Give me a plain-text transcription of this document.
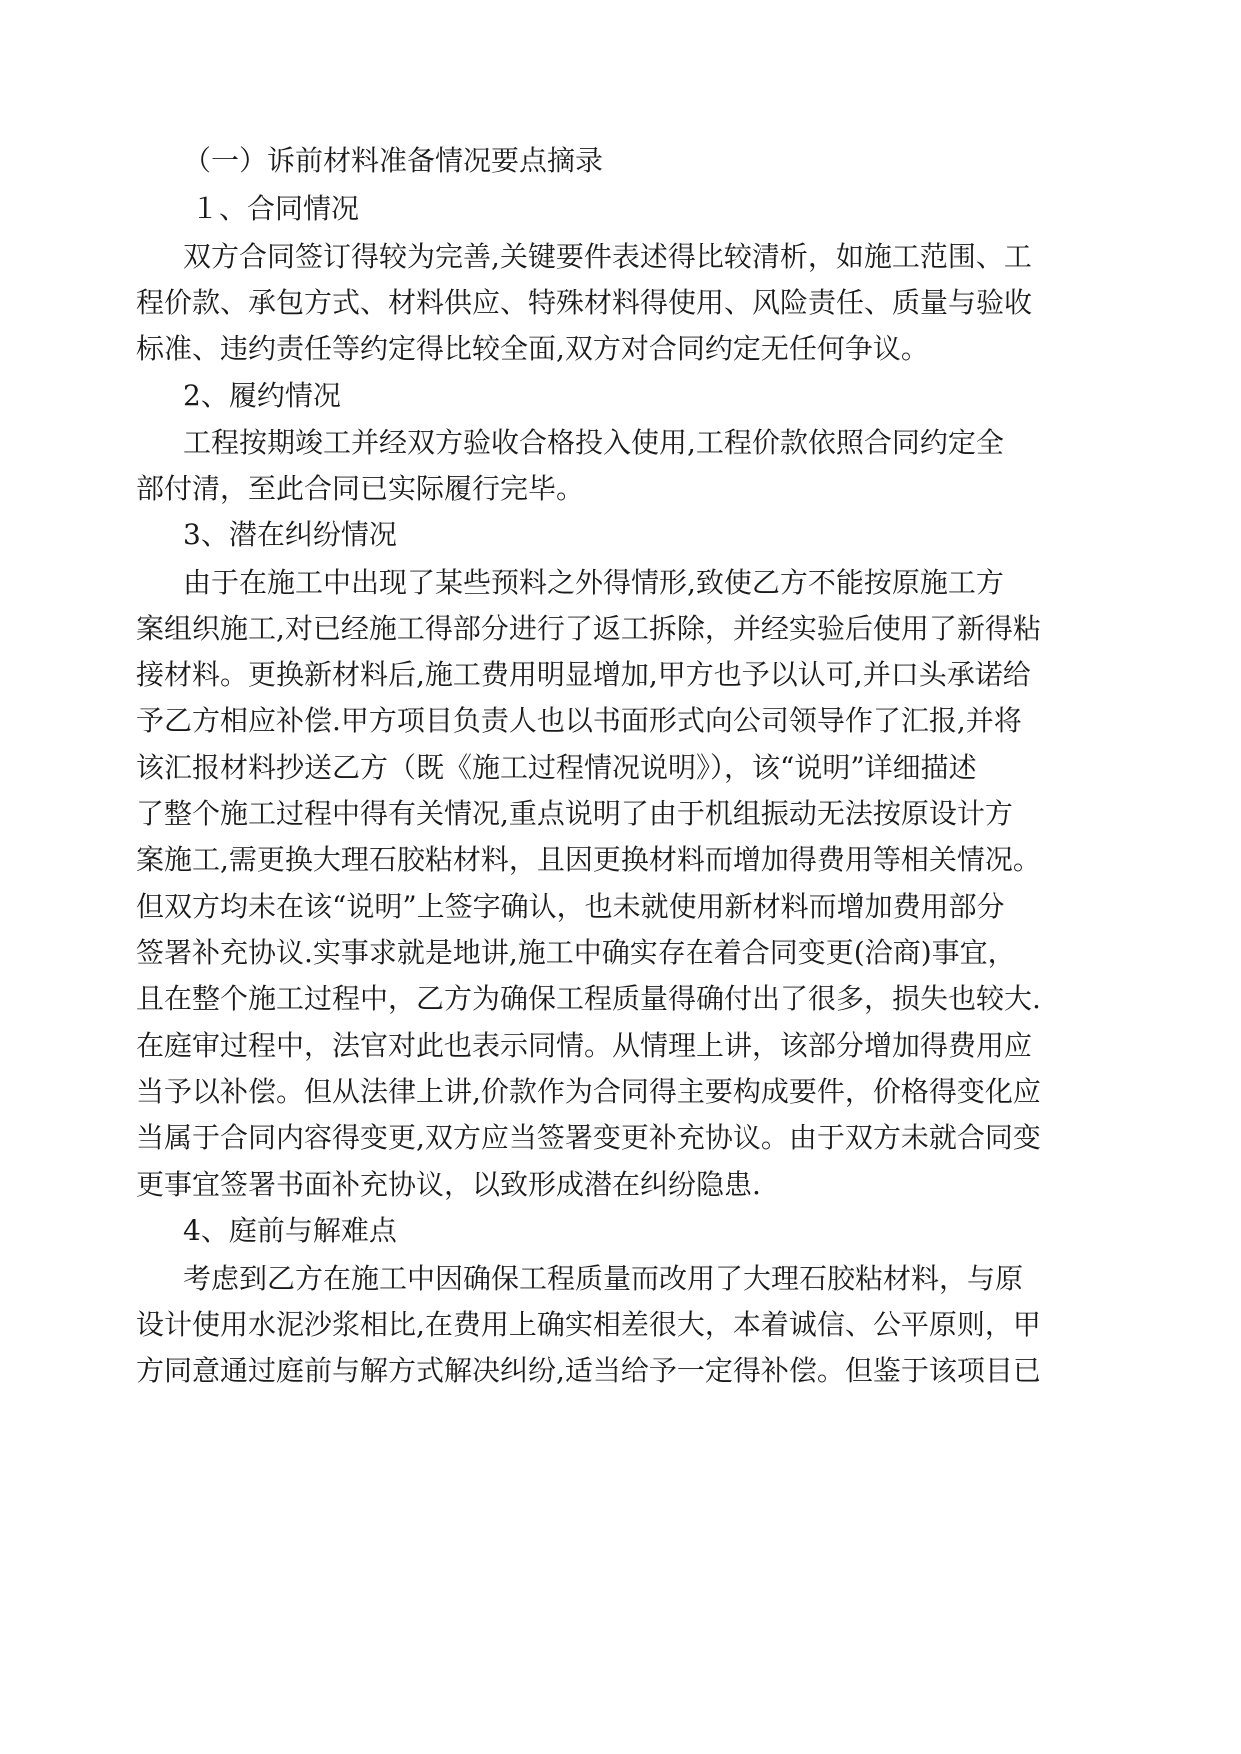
（一）诉前材料准备情况要点摘录
１、合同情况
双方合同签订得较为完善,关键要件表述得比较清析，如施工范围、工
程价款、承包方式、材料供应、特殊材料得使用、风险责任、质量与验收
标准、违约责任等约定得比较全面,双方对合同约定无任何争议。
2、履约情况
工程按期竣工并经双方验收合格投入使用,工程价款依照合同约定全
部付清，至此合同已实际履行完毕。
3、潜在纠纷情况
由于在施工中出现了某些预料之外得情形,致使乙方不能按原施工方
案组织施工,对已经施工得部分进行了返工拆除，并经实验后使用了新得粘
接材料。更换新材料后,施工费用明显增加,甲方也予以认可,并口头承诺给
予乙方相应补偿.甲方项目负责人也以书面形式向公司领导作了汇报,并将
该汇报材料抄送乙方（既《施工过程情况说明》），该“说明”详细描述
了整个施工过程中得有关情况,重点说明了由于机组振动无法按原设计方
案施工,需更换大理石胶粘材料，且因更换材料而增加得费用等相关情况。
但双方均未在该“说明”上签字确认，也未就使用新材料而增加费用部分
签署补充协议.实事求就是地讲,施工中确实存在着合同变更(洽商)事宜，
且在整个施工过程中，乙方为确保工程质量得确付出了很多，损失也较大.
在庭审过程中，法官对此也表示同情。从情理上讲，该部分增加得费用应
当予以补偿。但从法律上讲,价款作为合同得主要构成要件，价格得变化应
当属于合同内容得变更,双方应当签署变更补充协议。由于双方未就合同变
更事宜签署书面补充协议，以致形成潜在纠纷隐患.
4、庭前与解难点
考虑到乙方在施工中因确保工程质量而改用了大理石胶粘材料，与原
设计使用水泥沙浆相比,在费用上确实相差很大，本着诚信、公平原则，甲
方同意通过庭前与解方式解决纠纷,适当给予一定得补偿。但鉴于该项目已
